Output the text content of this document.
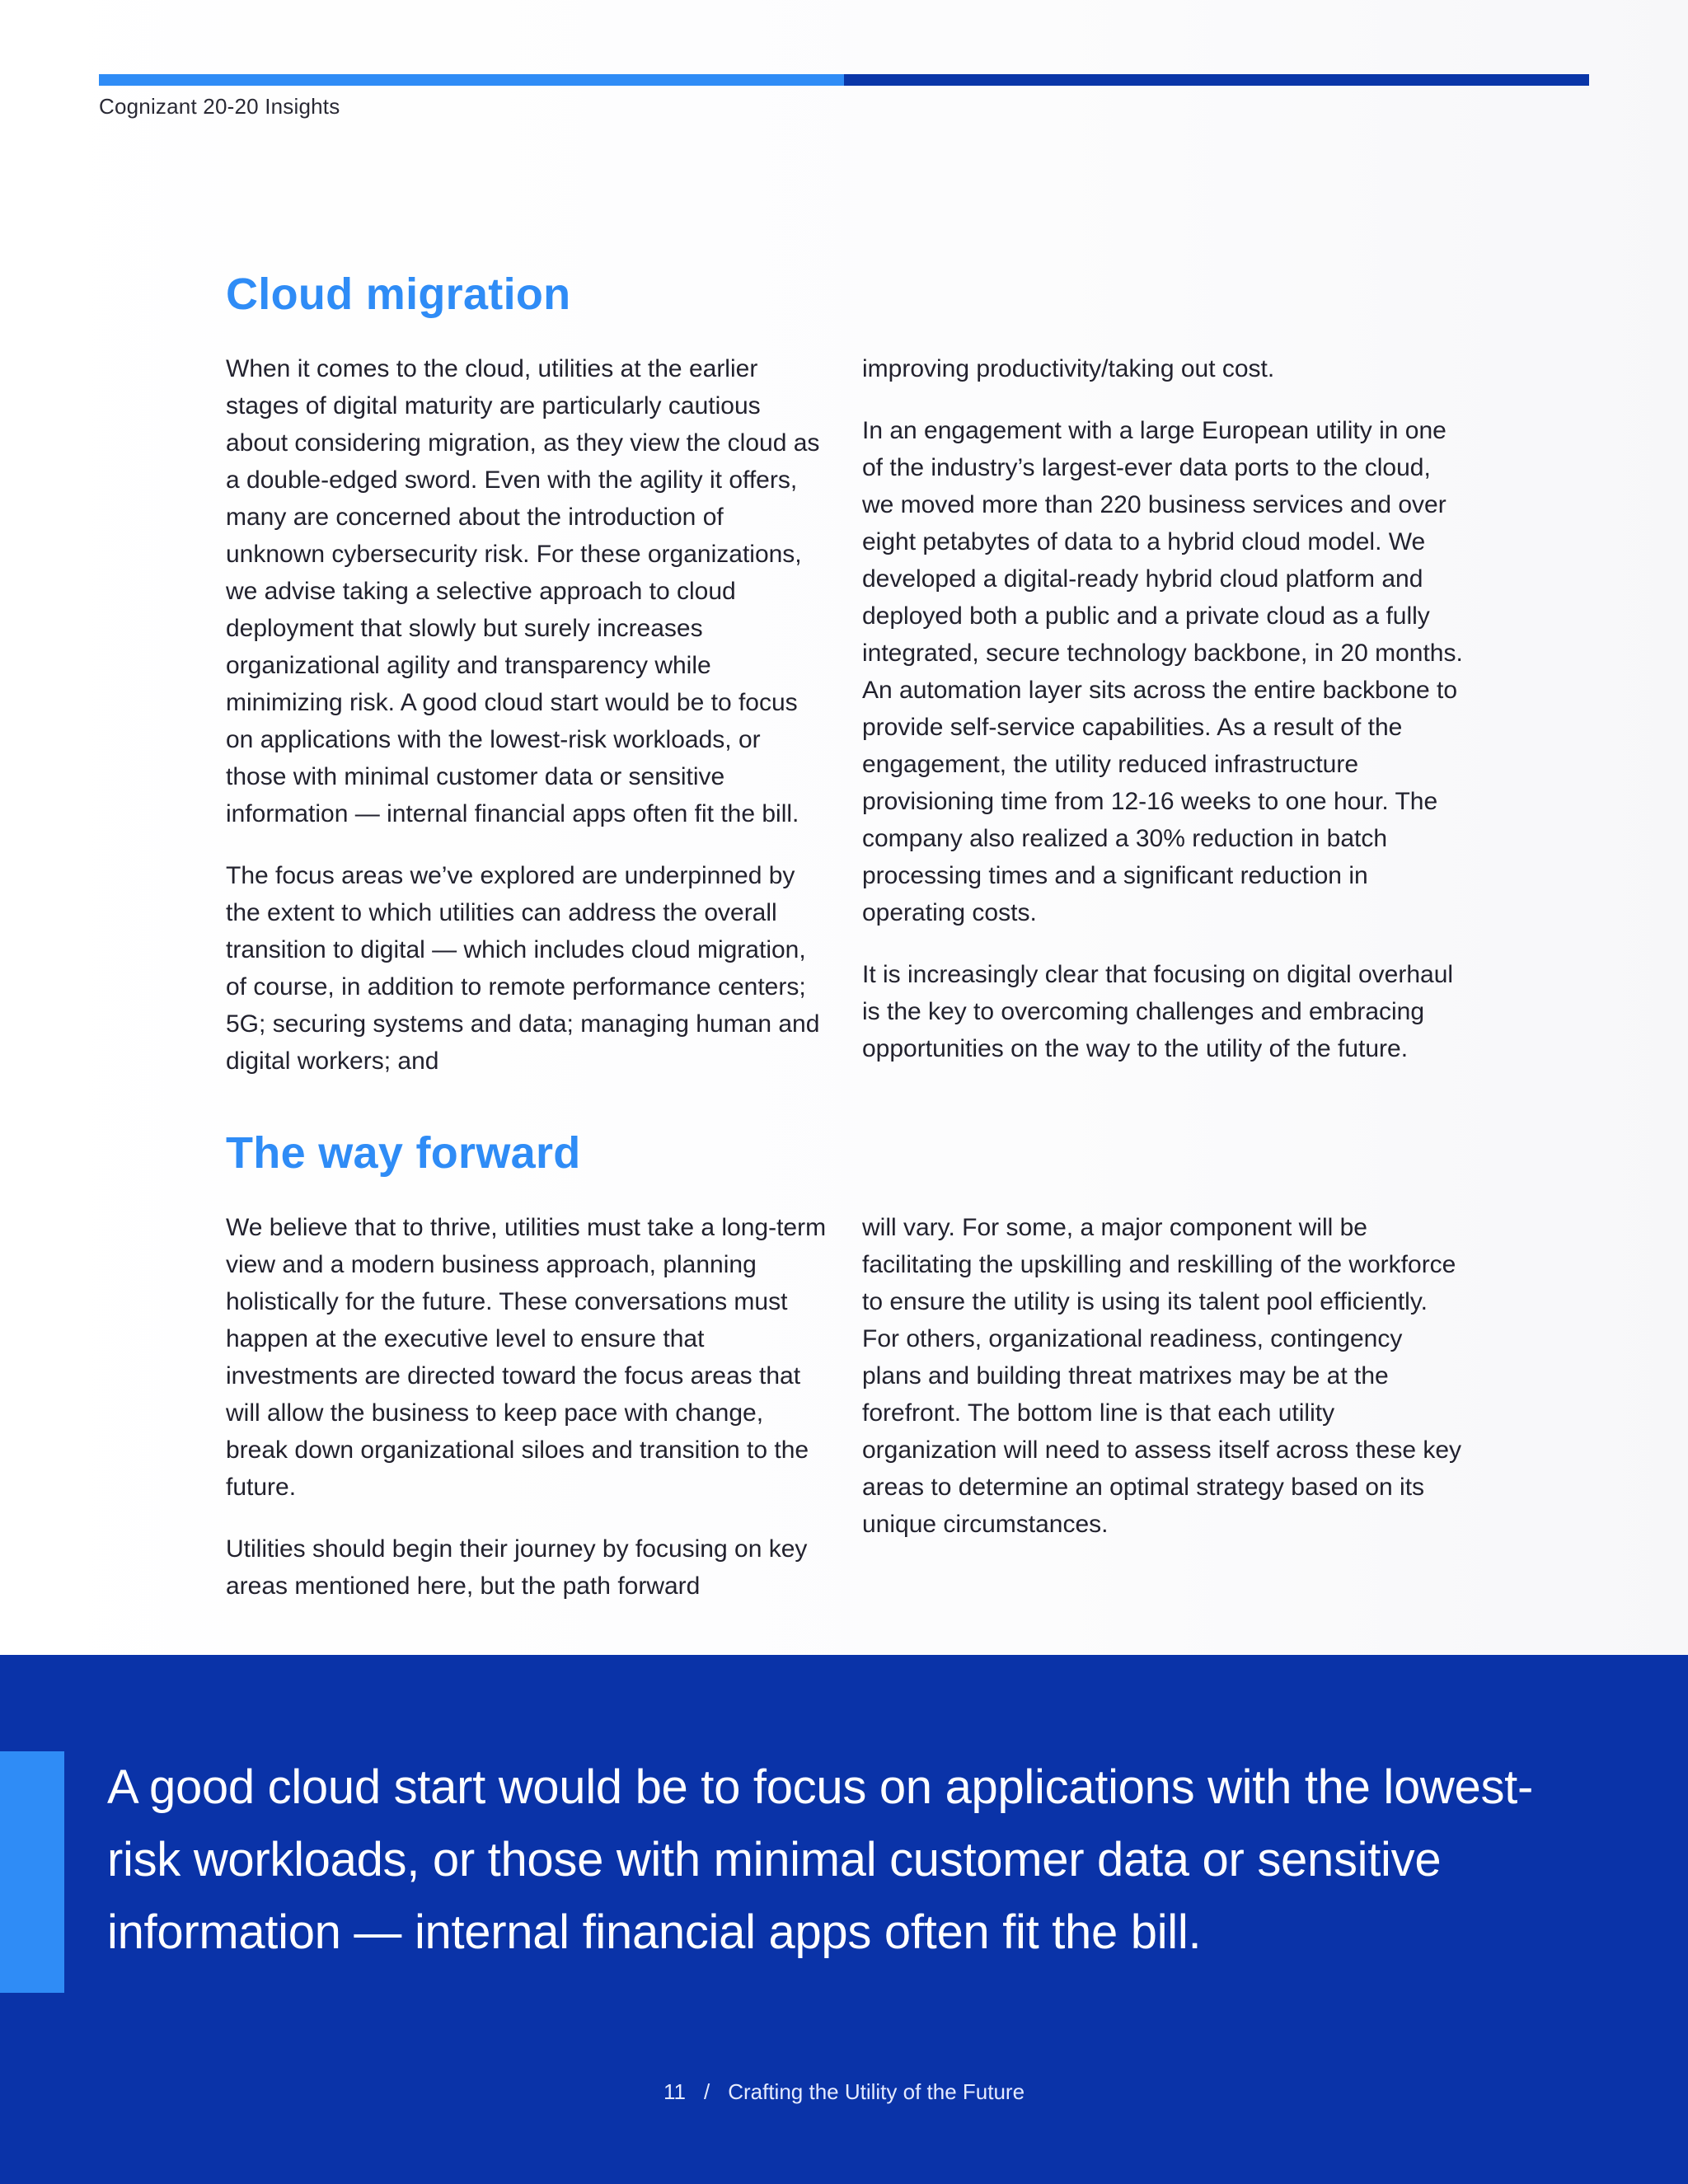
Cognizant 20-20 Insights
Cloud migration

When it comes to the cloud, utilities at the earlier stages of digital maturity are particularly cautious about considering migration, as they view the cloud as a double-edged sword. Even with the agility it offers, many are concerned about the introduction of unknown cybersecurity risk. For these organizations, we advise taking a selective approach to cloud deployment that slowly but surely increases organizational agility and transparency while minimizing risk. A good cloud start would be to focus on applications with the lowest-risk workloads, or those with minimal customer data or sensitive information — internal financial apps often fit the bill.

The focus areas we’ve explored are underpinned by the extent to which utilities can address the overall transition to digital — which includes cloud migration, of course, in addition to remote performance centers; 5G; securing systems and data; managing human and digital workers; and

improving productivity/taking out cost.

In an engagement with a large European utility in one of the industry’s largest-ever data ports to the cloud, we moved more than 220 business services and over eight petabytes of data to a hybrid cloud model. We developed a digital-ready hybrid cloud platform and deployed both a public and a private cloud as a fully integrated, secure technology backbone, in 20 months. An automation layer sits across the entire backbone to provide self-service capabilities. As a result of the engagement, the utility reduced infrastructure provisioning time from 12-16 weeks to one hour. The company also realized a 30% reduction in batch processing times and a significant reduction in operating costs.

It is increasingly clear that focusing on digital overhaul is the key to overcoming challenges and embracing opportunities on the way to the utility of the future.

The way forward

We believe that to thrive, utilities must take a long-term view and a modern business approach, planning holistically for the future. These conversations must happen at the executive level to ensure that investments are directed toward the focus areas that will allow the business to keep pace with change, break down organizational siloes and transition to the future.

Utilities should begin their journey by focusing on key areas mentioned here, but the path forward

will vary. For some, a major component will be facilitating the upskilling and reskilling of the workforce to ensure the utility is using its talent pool efficiently. For others, organizational readiness, contingency plans and building threat matrixes may be at the forefront. The bottom line is that each utility organization will need to assess itself across these key areas to determine an optimal strategy based on its unique circumstances.

A good cloud start would be to focus on applications with the lowest-risk workloads, or those with minimal customer data or sensitive information — internal financial apps often fit the bill.

11 / Crafting the Utility of the Future
